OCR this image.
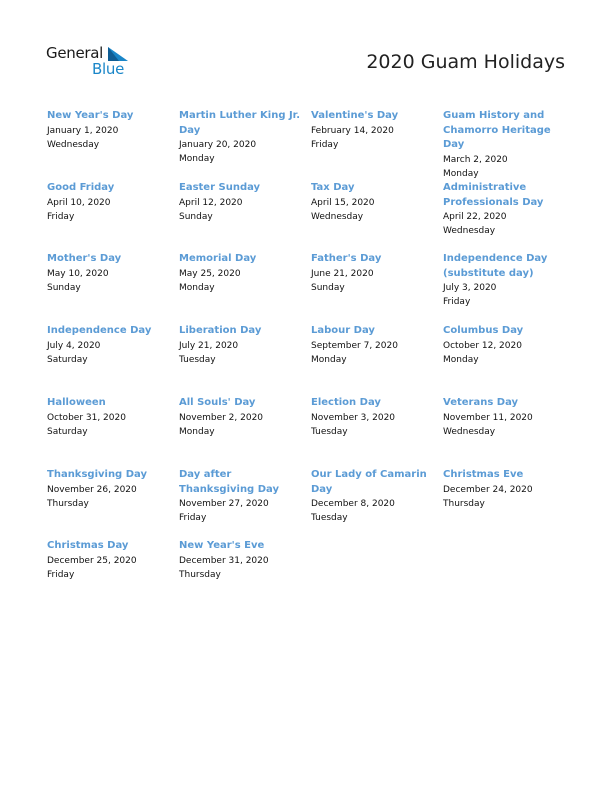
General
Blue	2020 Guam Holidays
New Year's Day
January 1, 2020
Wednesday
Martin Luther King Jr. Day
January 20, 2020
Monday
Valentine's Day
February 14, 2020
Friday
Guam History and Chamorro Heritage Day
March 2, 2020
Monday
Good Friday
April 10, 2020
Friday
Easter Sunday
April 12, 2020
Sunday
Tax Day
April 15, 2020
Wednesday
Administrative Professionals Day
April 22, 2020
Wednesday
Mother's Day
May 10, 2020
Sunday
Memorial Day
May 25, 2020
Monday
Father's Day
June 21, 2020
Sunday
Independence Day (substitute day)
July 3, 2020
Friday
Independence Day
July 4, 2020
Saturday
Liberation Day
July 21, 2020
Tuesday
Labour Day
September 7, 2020
Monday
Columbus Day
October 12, 2020
Monday
Halloween
October 31, 2020
Saturday
All Souls' Day
November 2, 2020
Monday
Election Day
November 3, 2020
Tuesday
Veterans Day
November 11, 2020
Wednesday
Thanksgiving Day
November 26, 2020
Thursday
Day after Thanksgiving Day
November 27, 2020
Friday
Our Lady of Camarin Day
December 8, 2020
Tuesday
Christmas Eve
December 24, 2020
Thursday
Christmas Day
December 25, 2020
Friday
New Year's Eve
December 31, 2020
Thursday
